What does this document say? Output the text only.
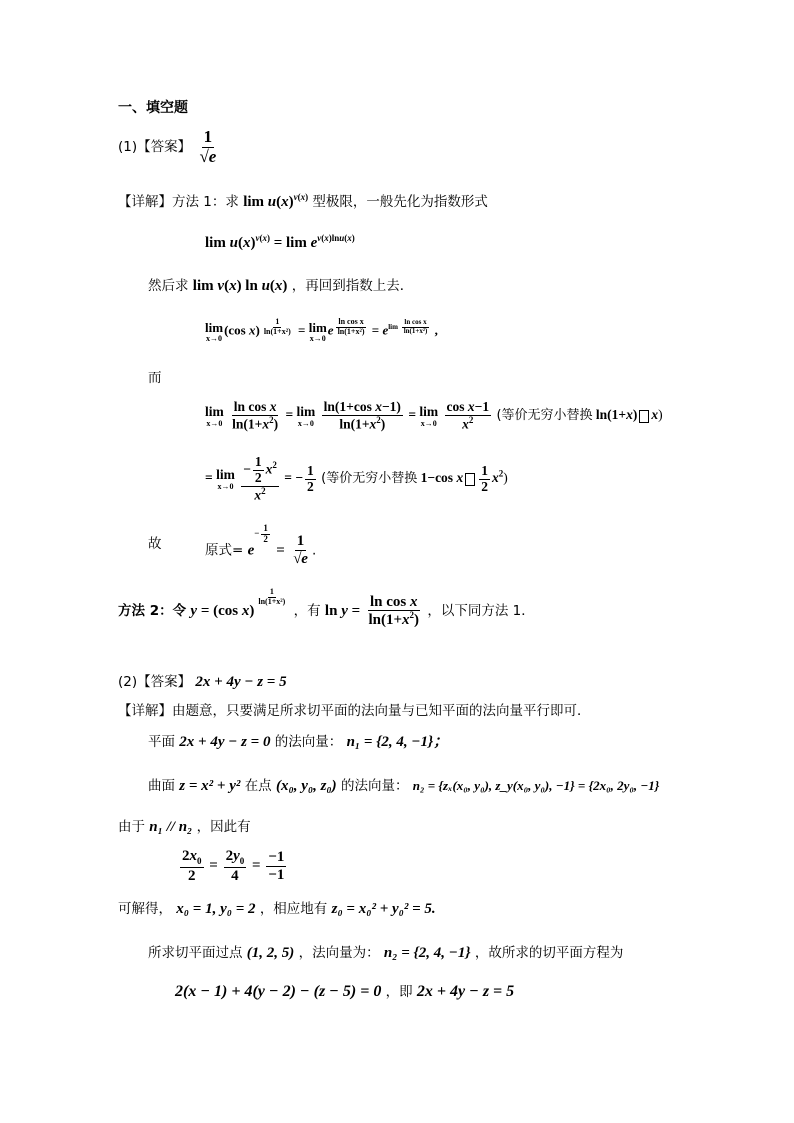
一、填空题
(1)【答案】 $\frac{1}{√e}$
【详解】方法 1：求 $\lim u(x)^{v(x)}$ 型极限，一般先化为指数形式
$\lim u(x)^{v(x)} = \lim e^{v(x)lnu(x)}$
然后求 lim v(x) ln u(x) ，再回到指数上去．
lim
x→0
(cos x) $^{\frac{1}{\text{ln(1+x²)}}}$ = lim
x→0
e $^{\frac{\text{ln cos x}}{\text{ln(1+x²)}}} = e^{lim \frac{\text{ln cos x}}{\text{ln(1+x²)}}}$ ,
而
lim
x→0
$\frac{\text{ln cos x}}{\ln(1+x^2)} = \lim$
x→0
$\frac{\text{ln(1+cos x−1)}}{\ln(1+x^2)} = \lim$
x→0
$\frac{\text{cos x−1}}{x^2}$ (等价无穷小替换 ln(1+x) x)
= lim
x→0
$\frac{- \frac{1}{2} x^2}{x^2}$ = − $\frac{1}{2}$ (等价无穷小替换 1−cos x $\frac{1}{2} x^2$)
故	原式= $e^{- \frac{1}{2}}$
= $\frac{1}{√e}$ .
方法 2：令 y = (cos x)
$^{\frac{1}{\text{ln(1+x²)}}}$
，有 $\ln y = \frac{\text{ln cos x}}{\ln(1+x^2)}$ ，以下同方法 1．
(2)【答案】 2x + 4y − z = 5
【详解】由题意，只要满足所求切平面的法向量与已知平面的法向量平行即可．
平面 2x + 4y − z = 0 的法向量： n₁ = {2, 4, −1}；
曲面 z = x² + y² 在点 (x₀, y₀, z₀) 的法向量： n₂ = {zₓ(x₀, y₀), z_y(x₀, y₀), −1} = {2x₀, 2y₀, −1}
由于 n₁ // n₂ ，因此有
$\frac{2x_0}{2} = \frac{2y_0}{4} = \frac{-1}{-1}$
可解得， x₀ = 1, y₀ = 2 ，相应地有 z₀ = x₀² + y₀² = 5.
所求切平面过点 (1, 2, 5) ，法向量为： n₂ = {2, 4, −1} ，故所求的切平面方程为
2(x − 1) + 4(y − 2) − (z − 5) = 0 ，即 2x + 4y − z = 5
